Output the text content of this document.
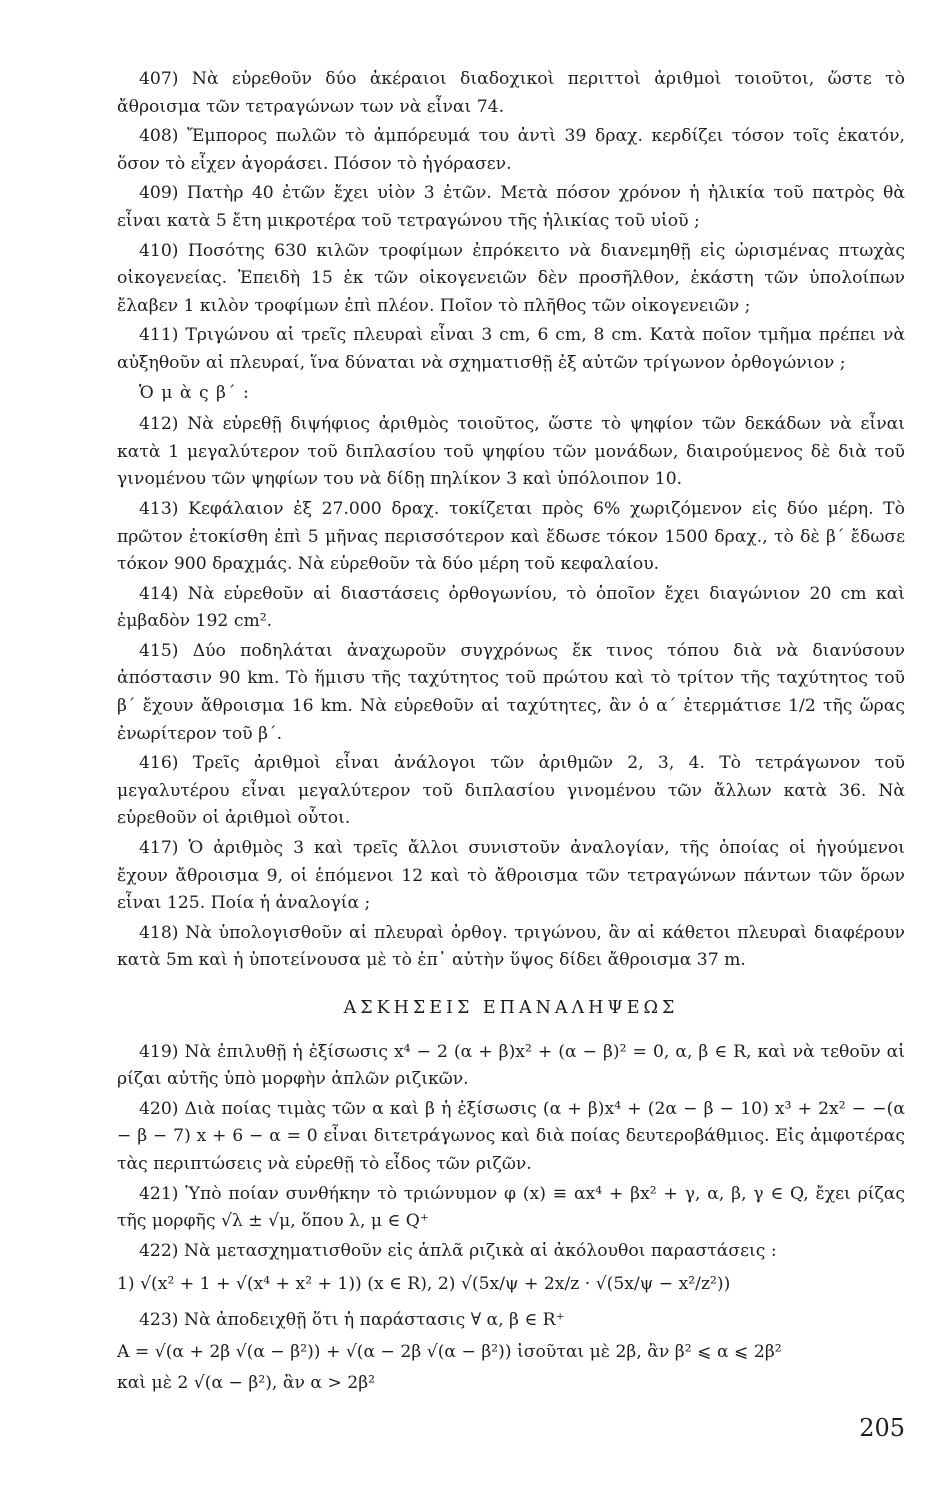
407) Νὰ εὑρεθοῦν δύο ἀκέραιοι διαδοχικοὶ περιττοὶ ἀριθμοὶ τοιοῦτοι, ὥστε τὸ ἄθροισμα τῶν τετραγώνων των νὰ εἶναι 74.

408) Ἔμπορος πωλῶν τὸ ἀμπόρευμά του ἀντὶ 39 δραχ. κερδίζει τόσον τοῖς ἑκατόν, ὅσον τὸ εἶχεν ἀγοράσει. Πόσον τὸ ἠγόρασεν.

409) Πατὴρ 40 ἐτῶν ἔχει υἱὸν 3 ἐτῶν. Μετὰ πόσον χρόνον ἡ ἡλικία τοῦ πατρὸς θὰ εἶναι κατὰ 5 ἔτη μικροτέρα τοῦ τετραγώνου τῆς ἡλικίας τοῦ υἱοῦ ;

410) Ποσότης 630 κιλῶν τροφίμων ἐπρόκειτο νὰ διανεμηθῇ εἰς ὡρισμένας πτωχὰς οἰκογενείας. Ἐπειδὴ 15 ἐκ τῶν οἰκογενειῶν δὲν προσῆλθον, ἑκάστη τῶν ὑπολοίπων ἔλαβεν 1 κιλὸν τροφίμων ἐπὶ πλέον. Ποῖον τὸ πλῆθος τῶν οἰκογενειῶν ;

411) Τριγώνου αἱ τρεῖς πλευραὶ εἶναι 3 cm, 6 cm, 8 cm. Κατὰ ποῖον τμῆμα πρέπει νὰ αὐξηθοῦν αἱ πλευραί, ἵνα δύναται νὰ σχηματισθῇ ἐξ αὐτῶν τρίγωνον ὀρθογώνιον ;

Ὁ μ ὰ ς β΄ :

412) Νὰ εὑρεθῇ διψήφιος ἀριθμὸς τοιοῦτος, ὥστε τὸ ψηφίον τῶν δεκάδων νὰ εἶναι κατὰ 1 μεγαλύτερον τοῦ διπλασίου τοῦ ψηφίου τῶν μονάδων, διαιρούμενος δὲ διὰ τοῦ γινομένου τῶν ψηφίων του νὰ δίδῃ πηλίκον 3 καὶ ὑπόλοιπον 10.

413) Κεφάλαιον ἐξ 27.000 δραχ. τοκίζεται πρὸς 6% χωριζόμενον εἰς δύο μέρη. Τὸ πρῶτον ἐτοκίσθη ἐπὶ 5 μῆνας περισσότερον καὶ ἔδωσε τόκον 1500 δραχ., τὸ δὲ β΄ ἔδωσε τόκον 900 δραχμάς. Νὰ εὑρεθοῦν τὰ δύο μέρη τοῦ κεφαλαίου.

414) Νὰ εὑρεθοῦν αἱ διαστάσεις ὀρθογωνίου, τὸ ὁποῖον ἔχει διαγώνιον 20 cm καὶ ἐμβαδὸν 192 cm².

415) Δύο ποδηλάται ἀναχωροῦν συγχρόνως ἔκ τινος τόπου διὰ νὰ διανύσουν ἀπόστασιν 90 km. Τὸ ἥμισυ τῆς ταχύτητος τοῦ πρώτου καὶ τὸ τρίτον τῆς ταχύτητος τοῦ β΄ ἔχουν ἄθροισμα 16 km. Νὰ εὑρεθοῦν αἱ ταχύτητες, ἂν ὁ α΄ ἐτερμάτισε 1/2 τῆς ὥρας ἐνωρίτερον τοῦ β΄.

416) Τρεῖς ἀριθμοὶ εἶναι ἀνάλογοι τῶν ἀριθμῶν 2, 3, 4. Τὸ τετράγωνον τοῦ μεγαλυτέρου εἶναι μεγαλύτερον τοῦ διπλασίου γινομένου τῶν ἄλλων κατὰ 36. Νὰ εὑρεθοῦν οἱ ἀριθμοὶ οὗτοι.

417) Ὁ ἀριθμὸς 3 καὶ τρεῖς ἄλλοι συνιστοῦν ἀναλογίαν, τῆς ὁποίας οἱ ἡγούμενοι ἔχουν ἄθροισμα 9, οἱ ἑπόμενοι 12 καὶ τὸ ἄθροισμα τῶν τετραγώνων πάντων τῶν ὅρων εἶναι 125. Ποία ἡ ἀναλογία ;

418) Νὰ ὑπολογισθοῦν αἱ πλευραὶ ὀρθογ. τριγώνου, ἂν αἱ κάθετοι πλευραὶ διαφέρουν κατὰ 5m καὶ ἡ ὑποτείνουσα μὲ τὸ ἐπ᾿ αὐτὴν ὕψος δίδει ἄθροισμα 37 m.

ΑΣΚΗΣΕΙΣ ΕΠΑΝΑΛΗΨΕΩΣ

419) Νὰ ἐπιλυθῇ ἡ ἐξίσωσις x⁴ − 2 (α + β)x² + (α − β)² = 0, α, β ∈ R, καὶ νὰ τεθοῦν αἱ ρίζαι αὐτῆς ὑπὸ μορφὴν ἁπλῶν ριζικῶν.

420) Διὰ ποίας τιμὰς τῶν α καὶ β ἡ ἐξίσωσις (α + β)x⁴ + (2α − β − 10) x³ + 2x² − −(α − β − 7) x + 6 − α = 0 εἶναι διτετράγωνος καὶ διὰ ποίας δευτεροβάθμιος. Εἰς ἀμφοτέρας τὰς περιπτώσεις νὰ εὑρεθῇ τὸ εἶδος τῶν ριζῶν.

421) Ὑπὸ ποίαν συνθήκην τὸ τριώνυμον φ (x) ≡ αx⁴ + βx² + γ, α, β, γ ∈ Q, ἔχει ρίζας τῆς μορφῆς √λ ± √μ, ὅπου λ, μ ∈ Q⁺

422) Νὰ μετασχηματισθοῦν εἰς ἁπλᾶ ριζικὰ αἱ ἀκόλουθοι παραστάσεις :

1) √(x² + 1 + √(x⁴ + x² + 1)) (x ∈ R), 2) √(5x/ψ + 2x/z · √(5x/ψ − x²/z²))

423) Νὰ ἀποδειχθῇ ὅτι ἡ παράστασις ∀ α, β ∈ R⁺

A = √(α + 2β √(α − β²)) + √(α − 2β √(α − β²)) ἰσοῦται μὲ 2β, ἂν β² ⩽ α ⩽ 2β²
καὶ μὲ 2 √(α − β²), ἂν α > 2β²
205
